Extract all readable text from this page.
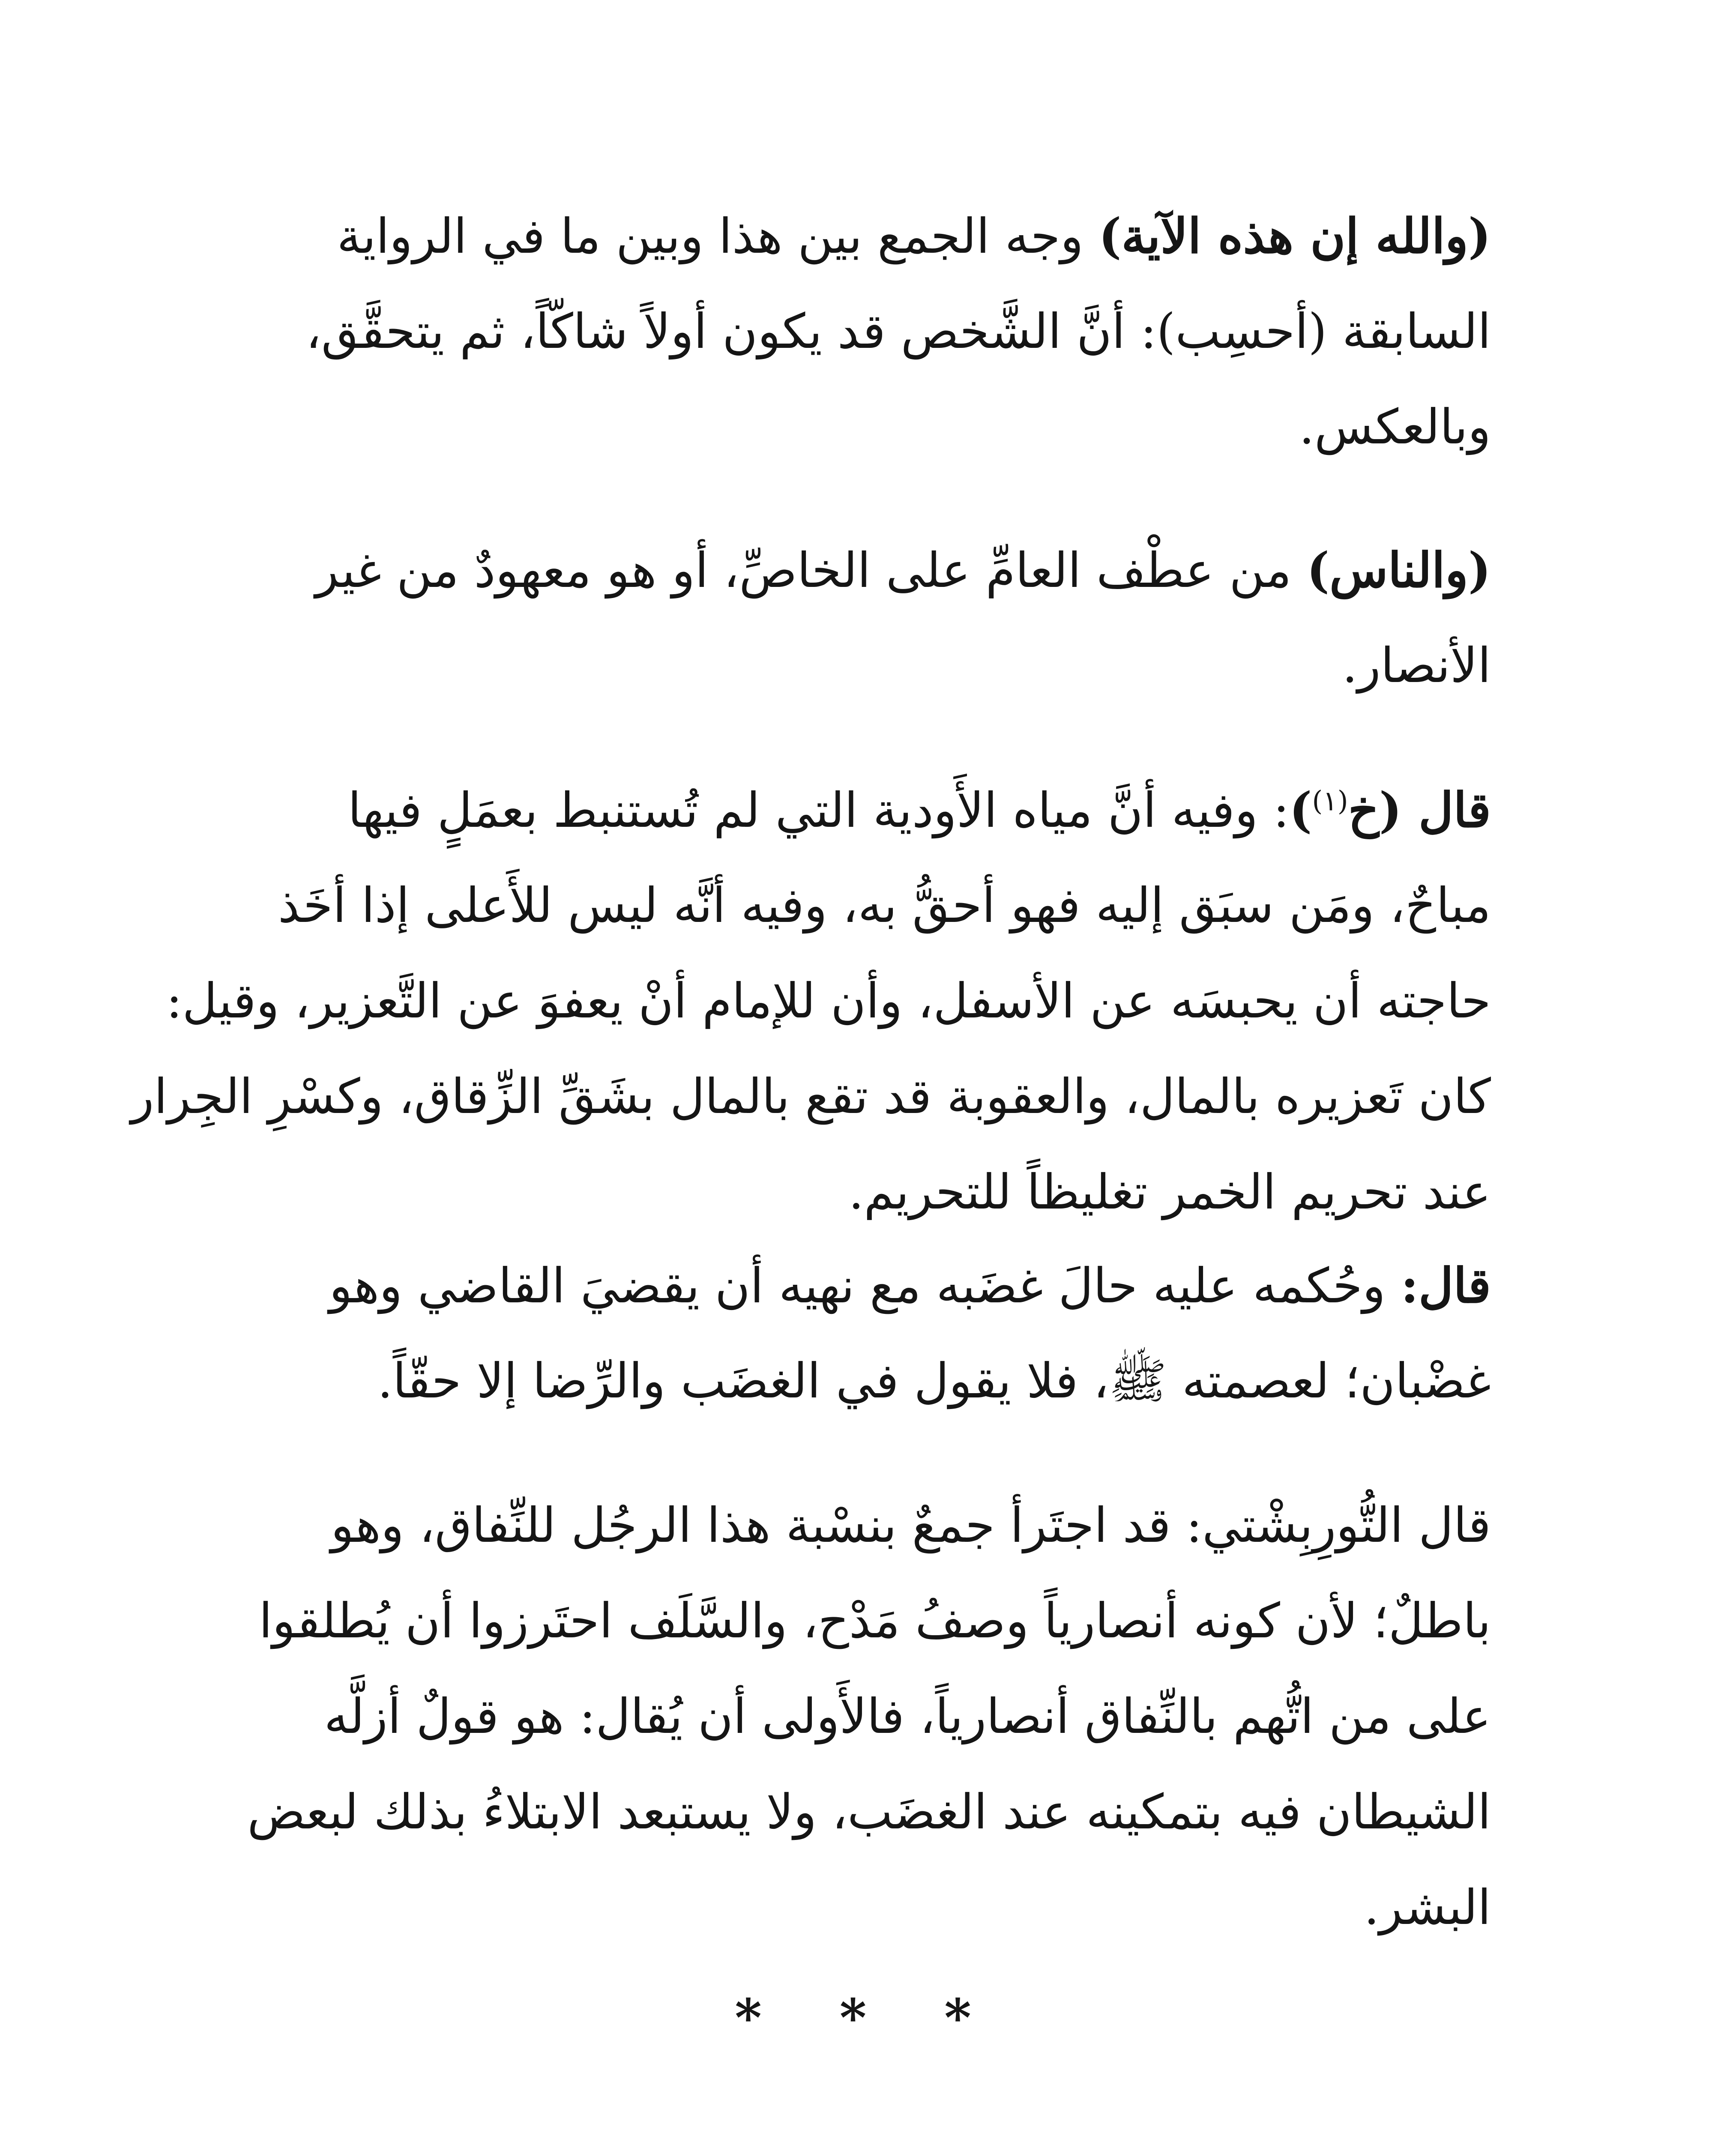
(والله إن هذه الآية) وجه الجمع بين هذا وبين ما في الرواية
السابقة (أحسِب): أنَّ الشَّخص قد يكون أولاً شاكّاً، ثم يتحقَّق،
وبالعكس.
(والناس) من عطْف العامِّ على الخاصِّ، أو هو معهودٌ من غير
الأنصار.
قال (خ$^{(١)}$): وفيه أنَّ مياه الأَودية التي لم تُستنبط بعمَلٍ فيها
مباحٌ، ومَن سبَق إليه فهو أحقُّ به، وفيه أنَّه ليس للأَعلى إذا أخَذ
حاجته أن يحبسَه عن الأسفل، وأن للإمام أنْ يعفوَ عن التَّعزير، وقيل:
كان تَعزيره بالمال، والعقوبة قد تقع بالمال بشَقِّ الزِّقاق، وكسْرِ الجِرار
عند تحريم الخمر تغليظاً للتحريم.
قال: وحُكمه عليه حالَ غضَبه مع نهيه أن يقضيَ القاضي وهو
غضْبان؛ لعصمته ﷺ، فلا يقول في الغضَب والرِّضا إلا حقّاً.
قال التُّورِبِشْتي: قد اجتَرأ جمعٌ بنسْبة هذا الرجُل للنِّفاق، وهو
باطلٌ؛ لأن كونه أنصارياً وصفُ مَدْح، والسَّلَف احتَرزوا أن يُطلقوا
على من اتُّهم بالنِّفاق أنصارياً، فالأَولى أن يُقال: هو قولٌ أزلَّه
الشيطان فيه بتمكينه عند الغضَب، ولا يستبعد الابتلاءُ بذلك لبعض
البشر.
* * *
